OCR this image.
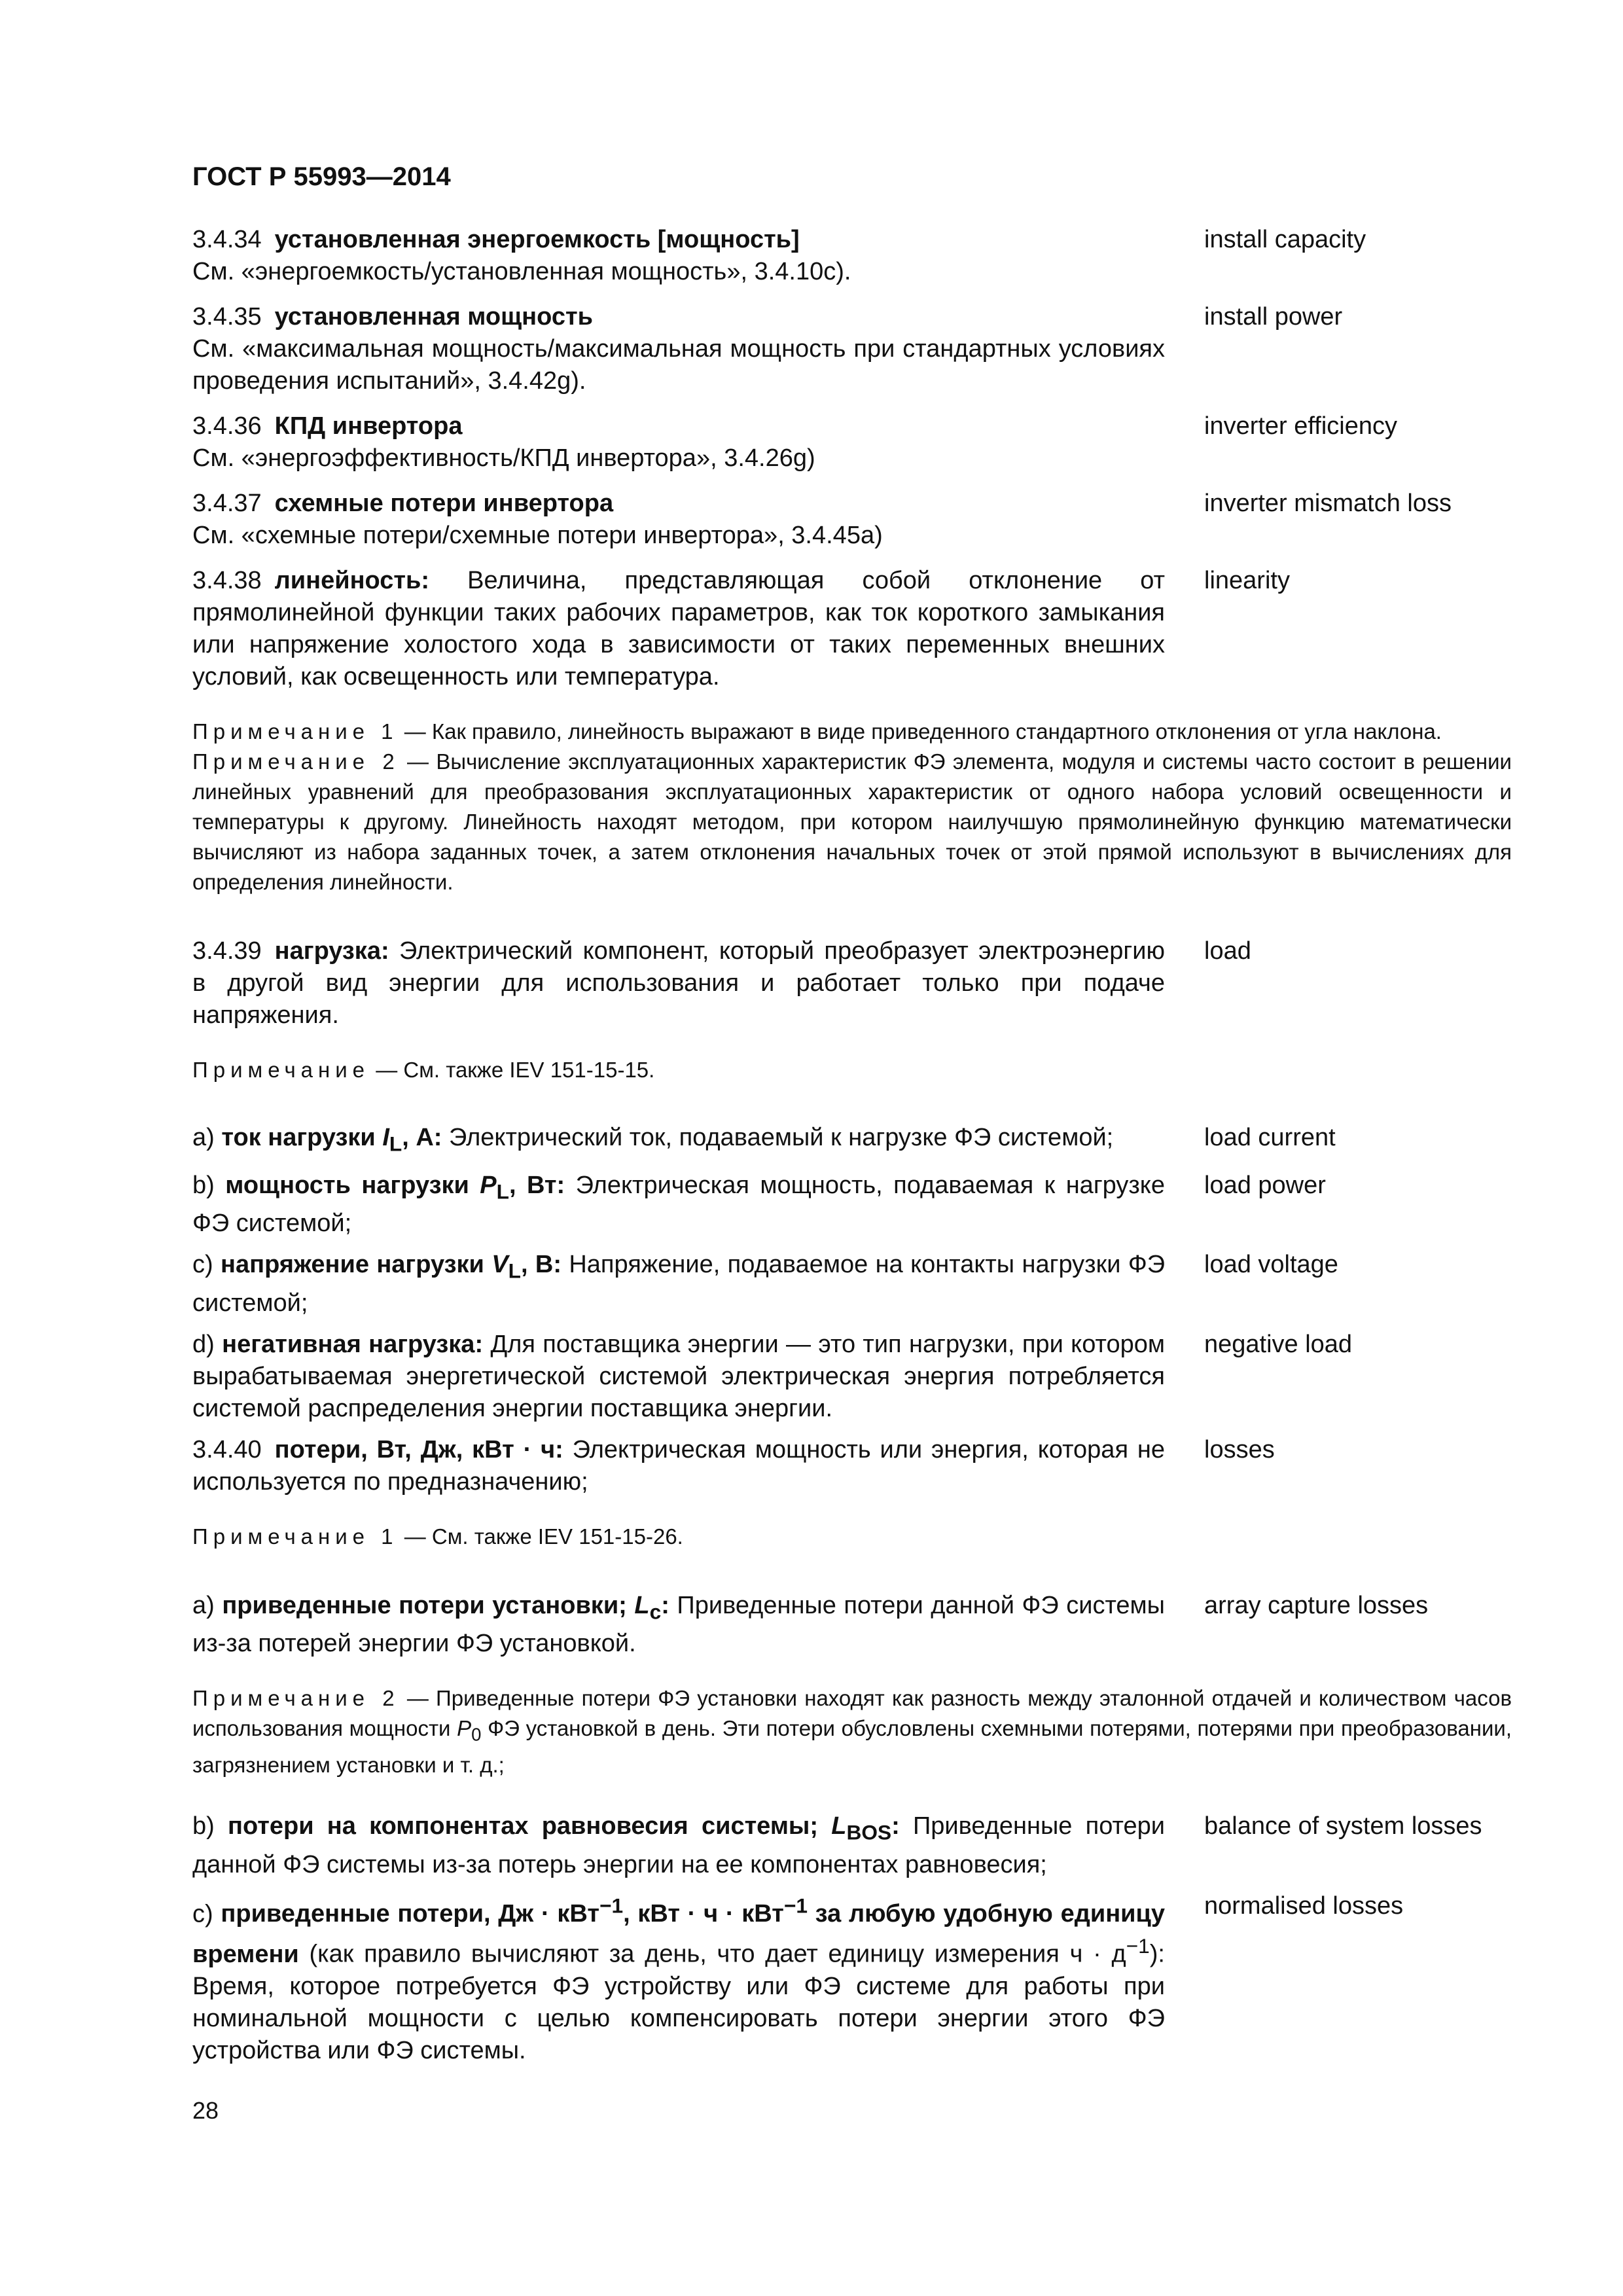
ГОСТ Р 55993—2014
3.4.34 установленная энергоемкость [мощность]
См. «энергоемкость/установленная мощность», 3.4.10c).
install capacity
3.4.35 установленная мощность
См. «максимальная мощность/максимальная мощность при стандартных условиях проведения испытаний», 3.4.42g).
install power
3.4.36 КПД инвертора
См. «энергоэффективность/КПД инвертора», 3.4.26g)
inverter efficiency
3.4.37 схемные потери инвертора
См. «схемные потери/схемные потери инвертора», 3.4.45a)
inverter mismatch loss
3.4.38 линейность: Величина, представляющая собой отклонение от прямолинейной функции таких рабочих параметров, как ток короткого замыкания или напряжение холостого хода в зависимости от таких переменных внешних условий, как освещенность или температура.
linearity
Примечание 1 — Как правило, линейность выражают в виде приведенного стандартного отклонения от угла наклона.
Примечание 2 — Вычисление эксплуатационных характеристик ФЭ элемента, модуля и системы часто состоит в решении линейных уравнений для преобразования эксплуатационных характеристик от одного набора условий освещенности и температуры к другому. Линейность находят методом, при котором наилучшую прямолинейную функцию математически вычисляют из набора заданных точек, а затем отклонения начальных точек от этой прямой используют в вычислениях для определения линейности.
3.4.39 нагрузка: Электрический компонент, который преобразует электроэнергию в другой вид энергии для использования и работает только при подаче напряжения.
load
Примечание — См. также IEV 151-15-15.
a) ток нагрузки $I_L$, А: Электрический ток, подаваемый к нагрузке ФЭ системой;	load current
b) мощность нагрузки $P_L$, Вт: Электрическая мощность, подаваемая к нагрузке ФЭ системой;
load power
c) напряжение нагрузки $V_L$, В: Напряжение, подаваемое на контакты нагрузки ФЭ системой;
load voltage
d) негативная нагрузка: Для поставщика энергии — это тип нагрузки, при котором вырабатываемая энергетической системой электрическая энергия потребляется системой распределения энергии поставщика энергии.
negative load
3.4.40 потери, Вт, Дж, кВт · ч: Электрическая мощность или энергия, которая не используется по предназначению;
losses
Примечание 1 — См. также IEV 151-15-26.
a) приведенные потери установки; $L_c$: Приведенные потери данной ФЭ системы из-за потерей энергии ФЭ установкой.
array capture losses
Примечание 2 — Приведенные потери ФЭ установки находят как разность между эталонной отдачей и количеством часов использования мощности $P_0$ ФЭ установкой в день. Эти потери обусловлены схемными потерями, потерями при преобразовании, загрязнением установки и т. д.;
b) потери на компонентах равновесия системы; $L_{BOS}$: Приведенные потери данной ФЭ системы из-за потерь энергии на ее компонентах равновесия;
balance of system losses
c) приведенные потери, Дж · кВт$^{-1}$, кВт · ч · кВт$^{-1}$ за любую удобную единицу времени (как правило вычисляют за день, что дает единицу измерения $ч \cdot д^{-1}$): Время, которое потребуется ФЭ устройству или ФЭ системе для работы при номинальной мощности с целью компенсировать потери энергии этого ФЭ устройства или ФЭ системы.
normalised losses
28
